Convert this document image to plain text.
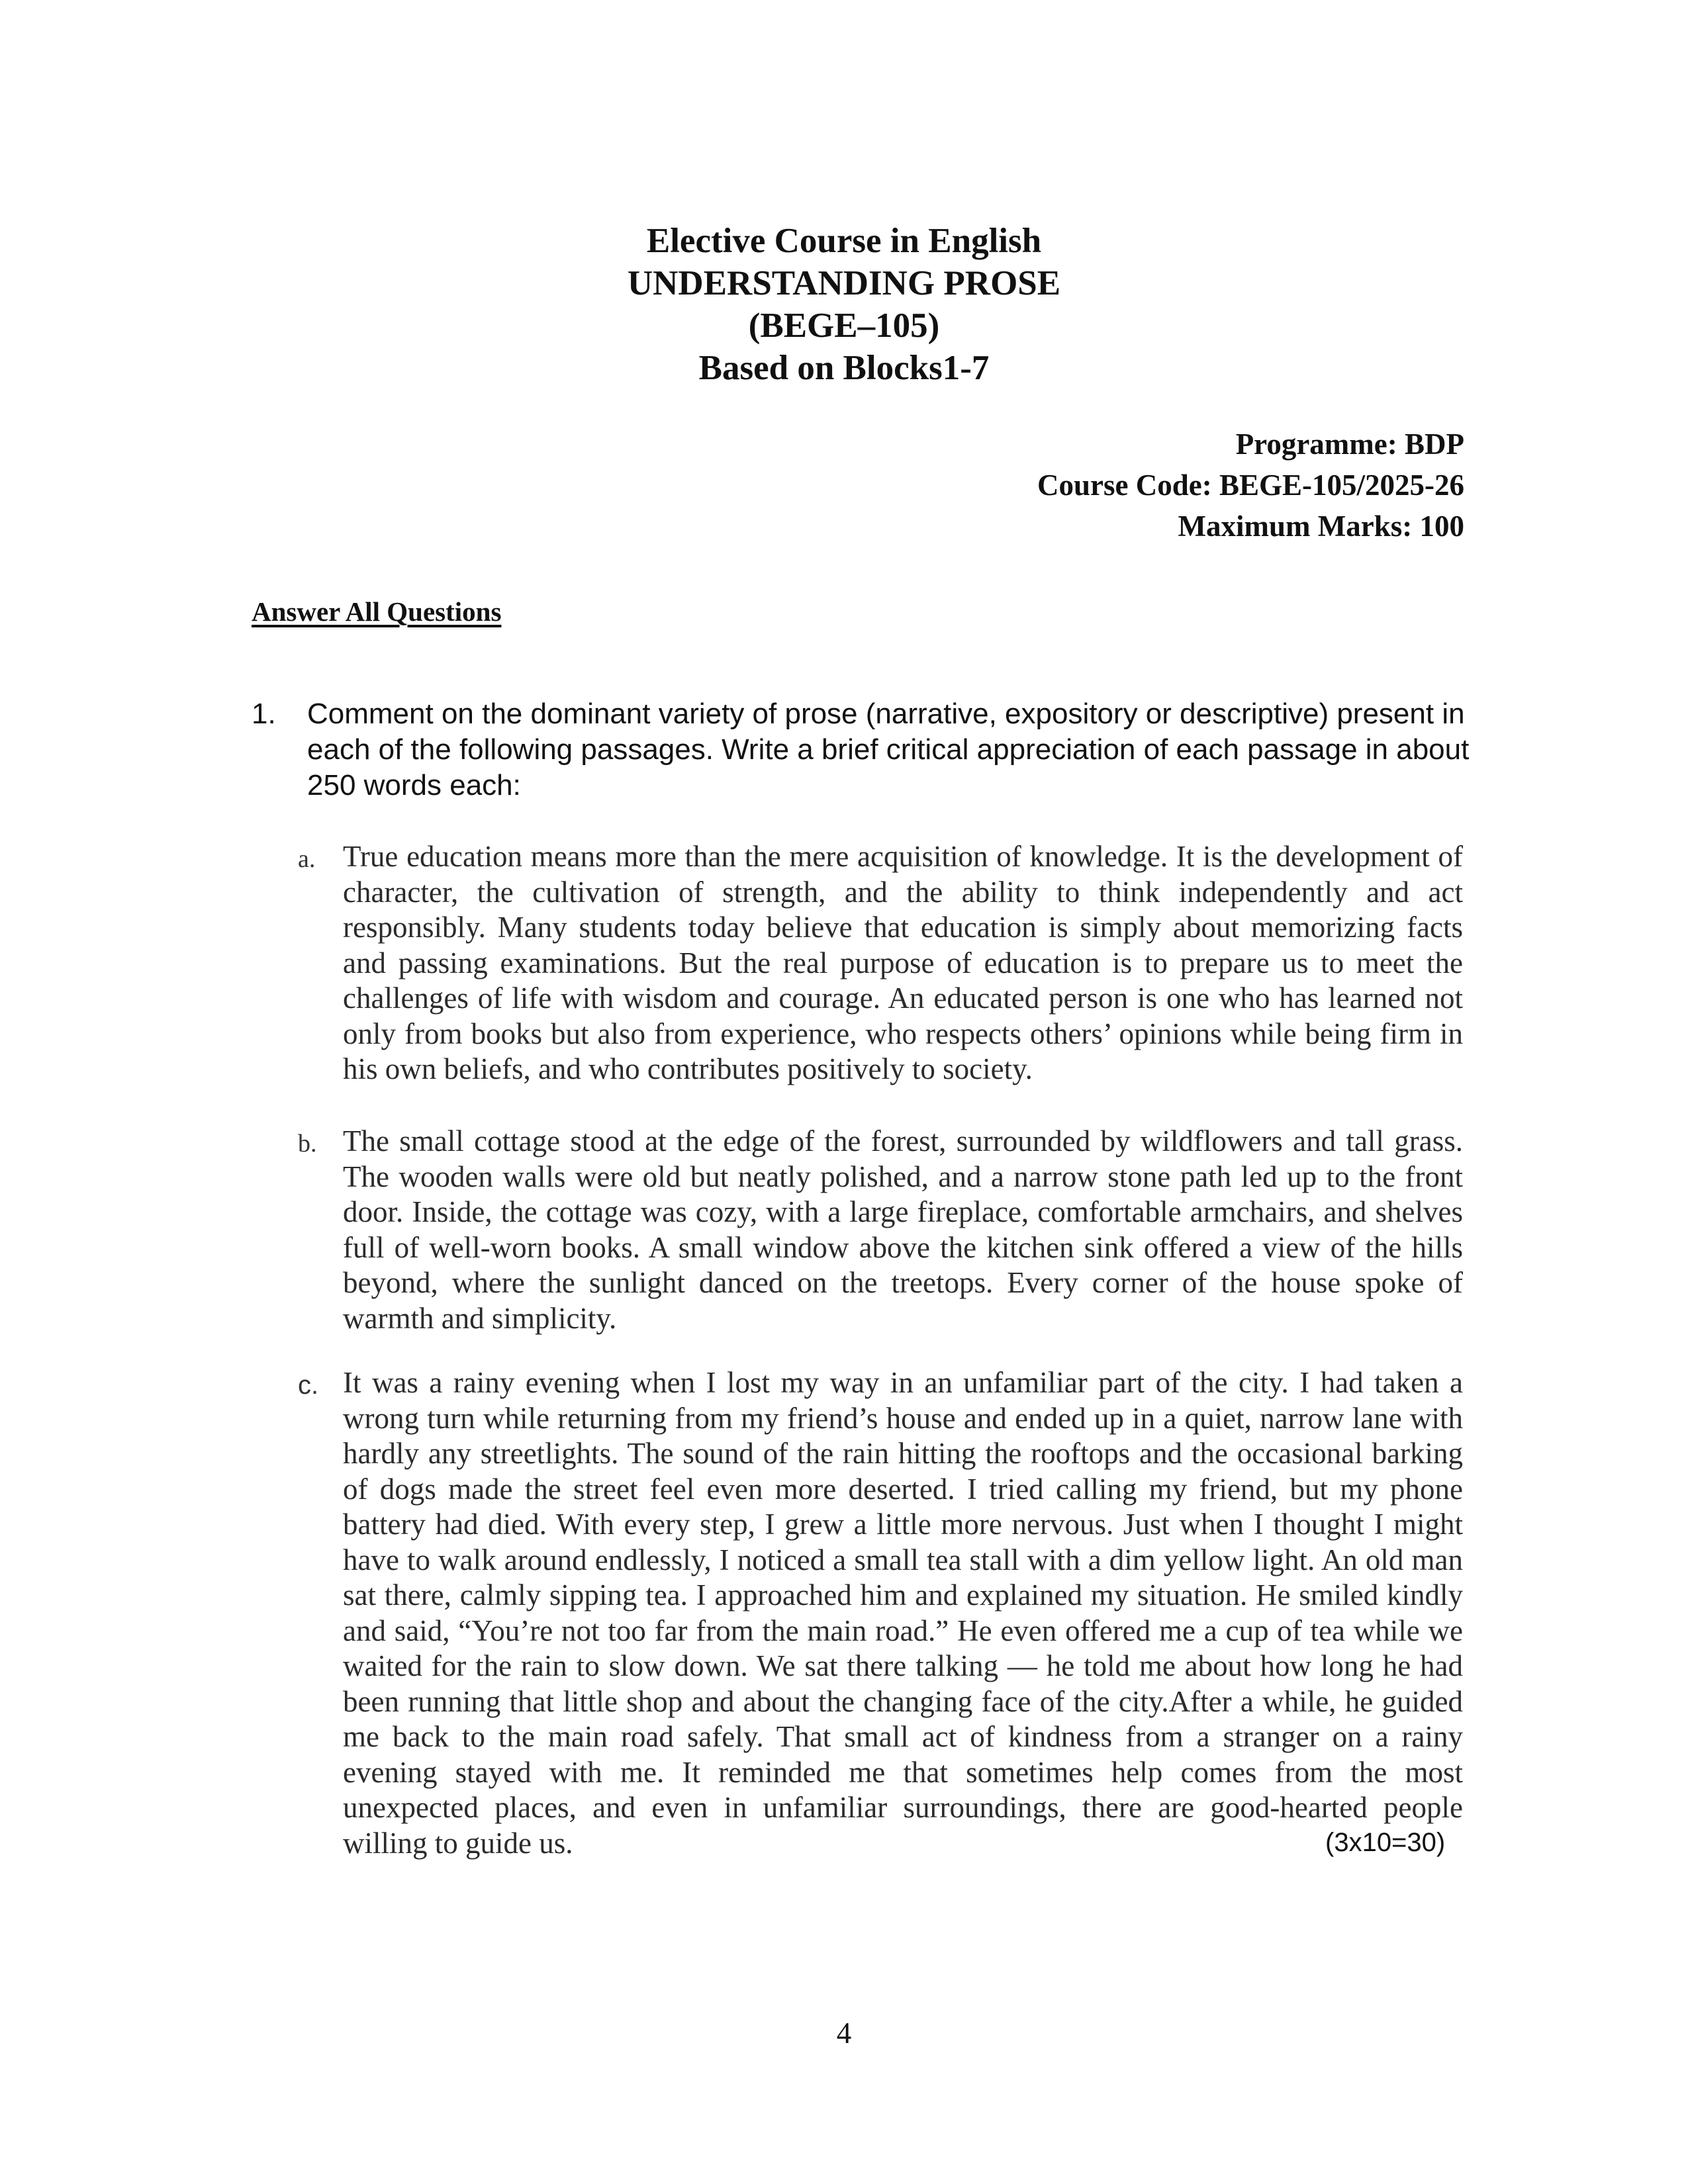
Elective Course in English
UNDERSTANDING PROSE
(BEGE–105)
Based on Blocks1-7
Programme: BDP
Course Code: BEGE-105/2025-26
Maximum Marks: 100
Answer All Questions
1. Comment on the dominant variety of prose (narrative, expository or descriptive) present in each of the following passages. Write a brief critical appreciation of each passage in about 250 words each:
a. True education means more than the mere acquisition of knowledge. It is the development of character, the cultivation of strength, and the ability to think independently and act responsibly. Many students today believe that education is simply about memorizing facts and passing examinations. But the real purpose of education is to prepare us to meet the challenges of life with wisdom and courage. An educated person is one who has learned not only from books but also from experience, who respects others’ opinions while being firm in his own beliefs, and who contributes positively to society.
b. The small cottage stood at the edge of the forest, surrounded by wildflowers and tall grass. The wooden walls were old but neatly polished, and a narrow stone path led up to the front door. Inside, the cottage was cozy, with a large fireplace, comfortable armchairs, and shelves full of well-worn books. A small window above the kitchen sink offered a view of the hills beyond, where the sunlight danced on the treetops. Every corner of the house spoke of warmth and simplicity.
c. It was a rainy evening when I lost my way in an unfamiliar part of the city. I had taken a wrong turn while returning from my friend’s house and ended up in a quiet, narrow lane with hardly any streetlights. The sound of the rain hitting the rooftops and the occasional barking of dogs made the street feel even more deserted. I tried calling my friend, but my phone battery had died. With every step, I grew a little more nervous. Just when I thought I might have to walk around endlessly, I noticed a small tea stall with a dim yellow light. An old man sat there, calmly sipping tea. I approached him and explained my situation. He smiled kindly and said, “You’re not too far from the main road.” He even offered me a cup of tea while we waited for the rain to slow down. We sat there talking — he told me about how long he had been running that little shop and about the changing face of the city.After a while, he guided me back to the main road safely. That small act of kindness from a stranger on a rainy evening stayed with me. It reminded me that sometimes help comes from the most unexpected places, and even in unfamiliar surroundings, there are good-hearted people willing to guide us.	(3x10=30)
4
